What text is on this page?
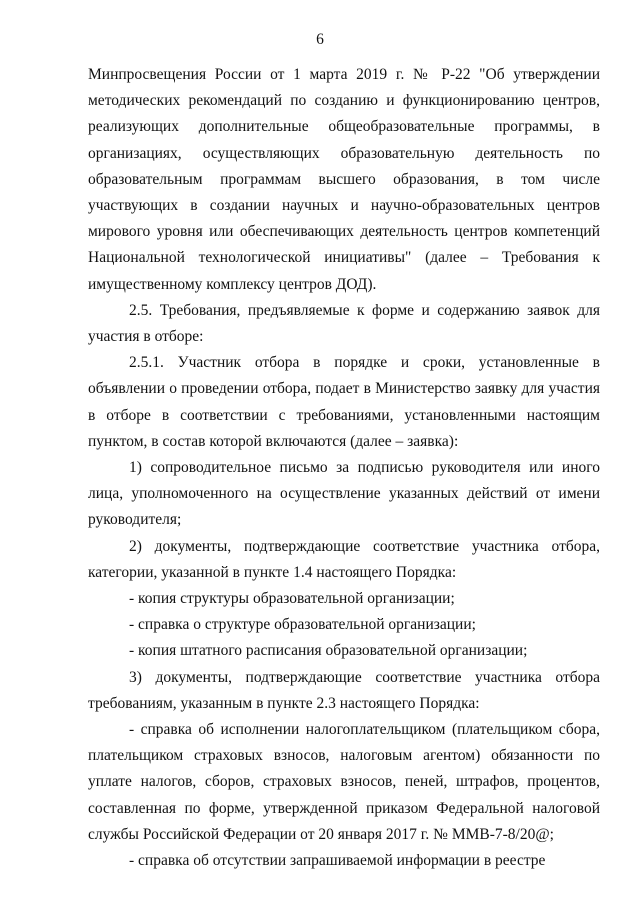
6

Минпросвещения России от 1 марта 2019 г. № Р-22 "Об утверждении методических рекомендаций по созданию и функционированию центров, реализующих дополнительные общеобразовательные программы, в организациях, осуществляющих образовательную деятельность по образовательным программам высшего образования, в том числе участвующих в создании научных и научно-образовательных центров мирового уровня или обеспечивающих деятельность центров компетенций Национальной технологической инициативы" (далее – Требования к имущественному комплексу центров ДОД).

2.5. Требования, предъявляемые к форме и содержанию заявок для участия в отборе:

2.5.1. Участник отбора в порядке и сроки, установленные в объявлении о проведении отбора, подает в Министерство заявку для участия в отборе в соответствии с требованиями, установленными настоящим пунктом, в состав которой включаются (далее – заявка):

1) сопроводительное письмо за подписью руководителя или иного лица, уполномоченного на осуществление указанных действий от имени руководителя;

2) документы, подтверждающие соответствие участника отбора, категории, указанной в пункте 1.4 настоящего Порядка:

- копия структуры образовательной организации;

- справка о структуре образовательной организации;

- копия штатного расписания образовательной организации;

3) документы, подтверждающие соответствие участника отбора требованиям, указанным в пункте 2.3 настоящего Порядка:

- справка об исполнении налогоплательщиком (плательщиком сбора, плательщиком страховых взносов, налоговым агентом) обязанности по уплате налогов, сборов, страховых взносов, пеней, штрафов, процентов, составленная по форме, утвержденной приказом Федеральной налоговой службы Российской Федерации от 20 января 2017 г. № ММВ-7-8/20@;

- справка об отсутствии запрашиваемой информации в реестре
